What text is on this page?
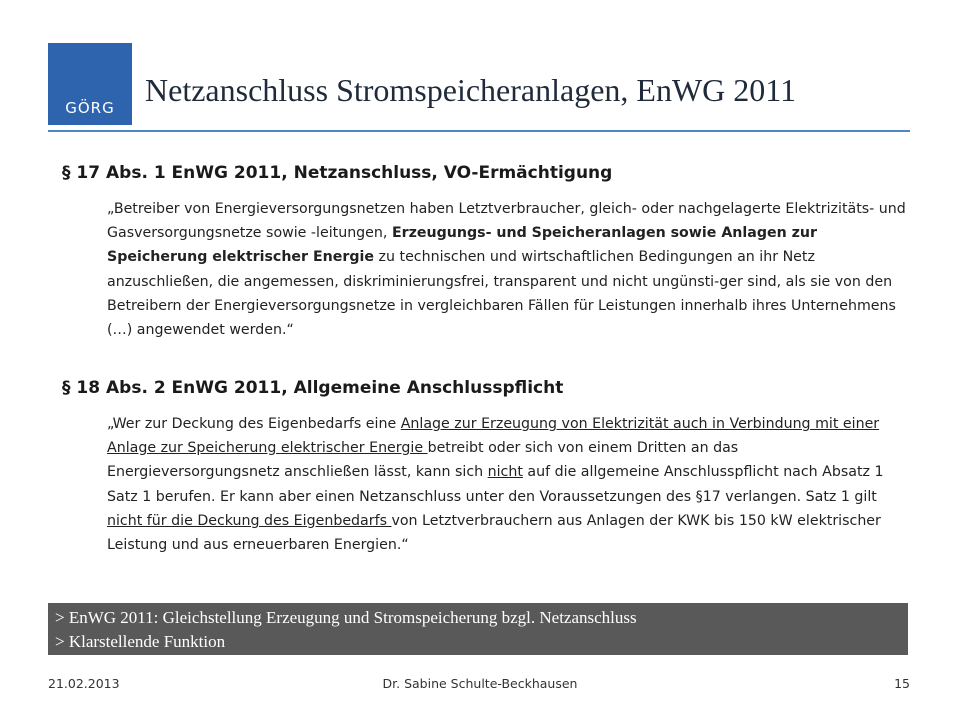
GÖRG Netzanschluss Stromspeicheranlagen, EnWG 2011
§ 17 Abs. 1 EnWG 2011, Netzanschluss, VO-Ermächtigung

„Betreiber von Energieversorgungsnetzen haben Letztverbraucher, gleich- oder nachgelagerte Elektrizitäts- und Gasversorgungsnetze sowie -leitungen, Erzeugungs- und Speicheranlagen sowie Anlagen zur Speicherung elektrischer Energie zu technischen und wirtschaftlichen Bedingungen an ihr Netz anzuschließen, die angemessen, diskriminierungsfrei, transparent und nicht ungünsti-ger sind, als sie von den Betreibern der Energieversorgungsnetze in vergleichbaren Fällen für Leistungen innerhalb ihres Unternehmens (…) angewendet werden.“

§ 18 Abs. 2 EnWG 2011, Allgemeine Anschlusspflicht

„Wer zur Deckung des Eigenbedarfs eine Anlage zur Erzeugung von Elektrizität auch in Verbindung mit einer Anlage zur Speicherung elektrischer Energie betreibt oder sich von einem Dritten an das Energieversorgungsnetz anschließen lässt, kann sich nicht auf die allgemeine Anschlusspflicht nach Absatz 1 Satz 1 berufen. Er kann aber einen Netzanschluss unter den Voraussetzungen des §17 verlangen. Satz 1 gilt nicht für die Deckung des Eigenbedarfs von Letztverbrauchern aus Anlagen der KWK bis 150 kW elektrischer Leistung und aus erneuerbaren Energien.“

> EnWG 2011: Gleichstellung Erzeugung und Stromspeicherung bzgl. Netzanschluss
> Klarstellende Funktion
Dr. Sabine Schulte-Beckhausen
21.02.2013	15
